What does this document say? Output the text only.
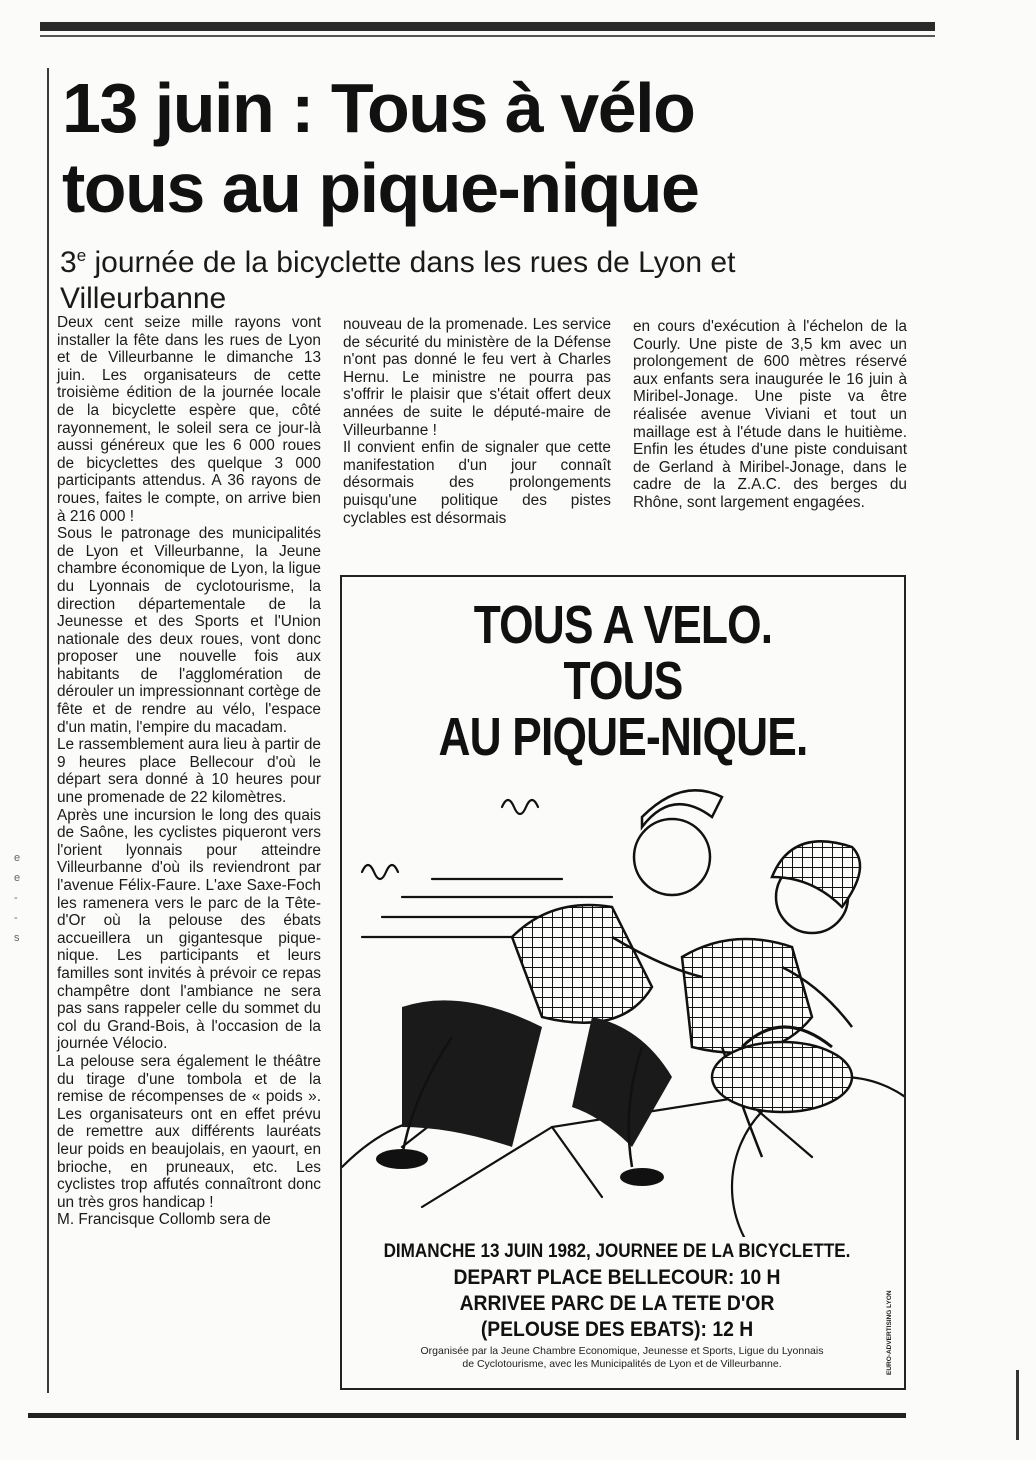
e
e
-
-
s
13 juin : Tous à vélo
tous au pique-nique
3e journée de la bicyclette dans les rues de Lyon et Villeurbanne

Deux cent seize mille rayons vont installer la fête dans les rues de Lyon et de Villeurbanne le dimanche 13 juin. Les organisateurs de cette troisième édition de la journée locale de la bicyclette espère que, côté rayonnement, le soleil sera ce jour-là aussi généreux que les 6 000 roues de bicyclettes des quelque 3 000 participants attendus. A 36 rayons de roues, faites le compte, on arrive bien à 216 000 !

Sous le patronage des municipalités de Lyon et Villeurbanne, la Jeune chambre économique de Lyon, la ligue du Lyonnais de cyclotourisme, la direction départementale de la Jeunesse et des Sports et l'Union nationale des deux roues, vont donc proposer une nouvelle fois aux habitants de l'agglomération de dérouler un impressionnant cortège de fête et de rendre au vélo, l'espace d'un matin, l'empire du macadam.

Le rassemblement aura lieu à partir de 9 heures place Bellecour d'où le départ sera donné à 10 heures pour une promenade de 22 kilomètres.

Après une incursion le long des quais de Saône, les cyclistes piqueront vers l'orient lyonnais pour atteindre Villeurbanne d'où ils reviendront par l'avenue Félix-Faure. L'axe Saxe-Foch les ramenera vers le parc de la Tête-d'Or où la pelouse des ébats accueillera un gigantesque pique-nique. Les participants et leurs familles sont invités à prévoir ce repas champêtre dont l'ambiance ne sera pas sans rappeler celle du sommet du col du Grand-Bois, à l'occasion de la journée Vélocio.

La pelouse sera également le théâtre du tirage d'une tombola et de la remise de récompenses de « poids ». Les organisateurs ont en effet prévu de remettre aux différents lauréats leur poids en beaujolais, en yaourt, en brioche, en pruneaux, etc. Les cyclistes trop affutés connaîtront donc un très gros handicap !

M. Francisque Collomb sera de

nouveau de la promenade. Les service de sécurité du ministère de la Défense n'ont pas donné le feu vert à Charles Hernu. Le ministre ne pourra pas s'offrir le plaisir que s'était offert deux années de suite le député-maire de Villeurbanne !

Il convient enfin de signaler que cette manifestation d'un jour connaît désormais des prolongements puisqu'une politique des pistes cyclables est désormais

en cours d'exécution à l'échelon de la Courly. Une piste de 3,5 km avec un prolongement de 600 mètres réservé aux enfants sera inaugurée le 16 juin à Miribel-Jonage. Une piste va être réalisée avenue Viviani et tout un maillage est à l'étude dans le huitième. Enfin les études d'une piste conduisant de Gerland à Miribel-Jonage, dans le cadre de la Z.A.C. des berges du Rhône, sont largement engagées.

TOUS A VELO.
TOUS
AU PIQUE-NIQUE.
DIMANCHE 13 JUIN 1982, JOURNEE DE LA BICYCLETTE.
DEPART PLACE BELLECOUR: 10 H
ARRIVEE PARC DE LA TETE D'OR
(PELOUSE DES EBATS): 12 H
Organisée par la Jeune Chambre Economique, Jeunesse et Sports, Ligue du Lyonnais
de Cyclotourisme, avec les Municipalités de Lyon et de Villeurbanne.	EURO-ADVERTISING LYON
